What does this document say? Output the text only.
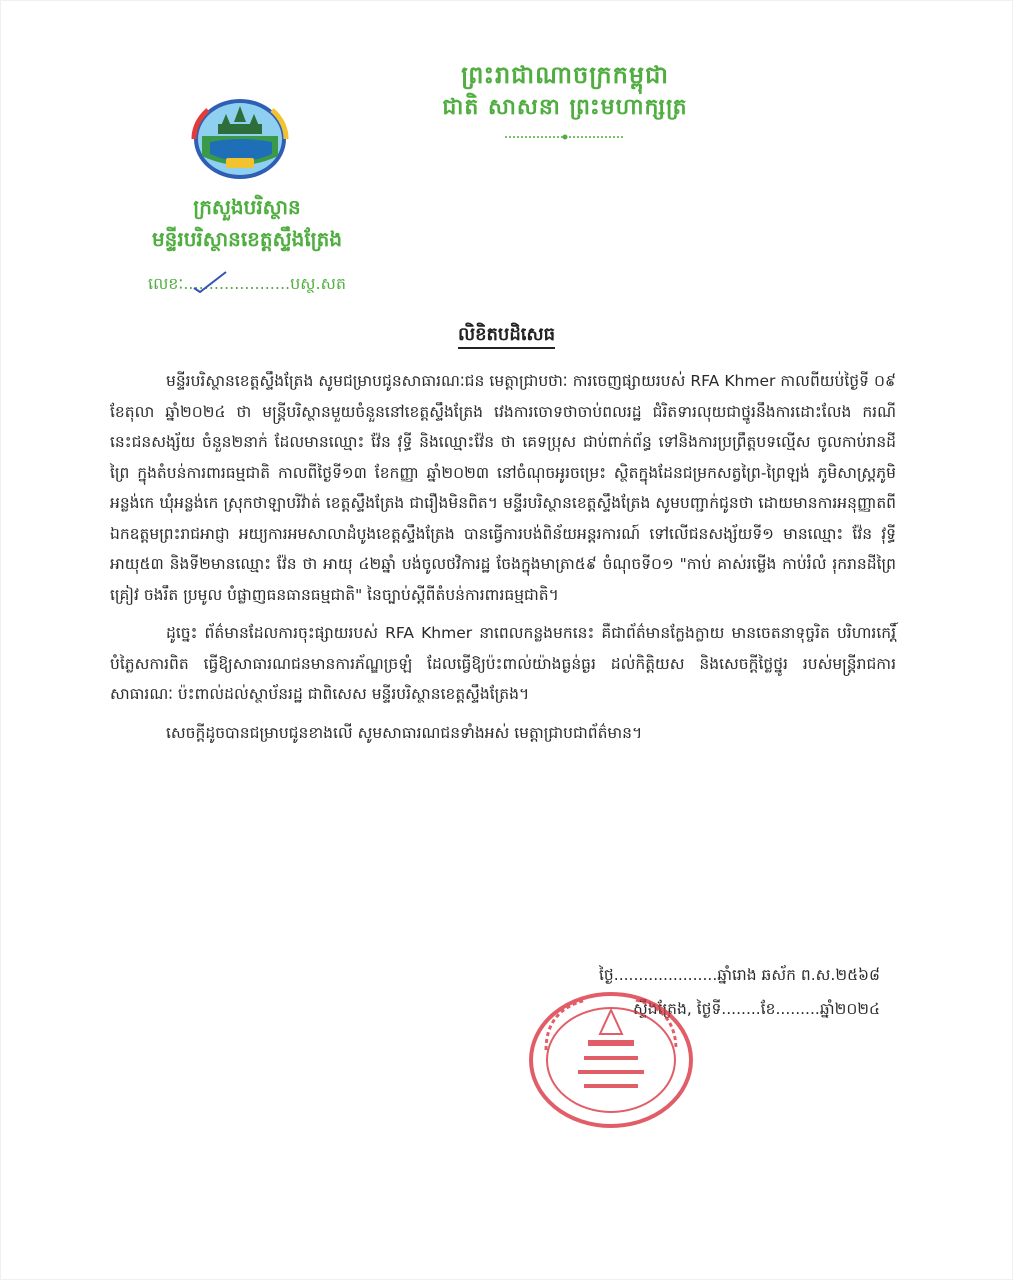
ព្រះរាជាណាចក្រកម្ពុជា
ជាតិ សាសនា ព្រះមហាក្សត្រ
ក្រសួងបរិស្ថាន
មន្ទីរបរិស្ថានខេត្តស្ទឹងត្រែង
លេខៈ.....................បស្ថ.សត
លិខិតបដិសេធ

មន្ទីរបរិស្ថានខេត្តស្ទឹងត្រែង សូមជម្រាបជូនសាធារណៈជន មេត្តាជ្រាបថាៈ ការចេញផ្សាយរបស់ RFA Khmer កាលពីយប់ថ្ងៃទី ០៩ ខែតុលា ឆ្នាំ២០២៤ ថា មន្ត្រីបរិស្ថានមួយចំនួននៅខេត្តស្ទឹងត្រែង វេងការចោទថាចាប់ពលរដ្ឋ ជំរិតទារលុយជាថ្នូរនឹងការដោះលែង ករណីនេះជនសង្ស័យ ចំនួន២នាក់ ដែលមានឈ្មោះ វ៉ែន វុទ្ធី និងឈ្មោះវ៉ែន ថា គេទប្រុស ជាប់ពាក់ព័ន្ធ ទៅនិងការប្រព្រឹត្តបទល្មើស ចូលកាប់រានដីព្រៃ ក្នុងតំបន់ការពារធម្មជាតិ កាលពីថ្ងៃទី១៣ ខែកញ្ញា ឆ្នាំ២០២៣ នៅចំណុចអូរចម្រេះ ស្ថិតក្នុងដែនជម្រកសត្វព្រៃ-ព្រៃឡង់ ភូមិសាស្ត្រភូមិអន្លង់កេ ឃុំអន្លង់កេ ស្រុកថាឡាបរិវ៉ាត់ ខេត្តស្ទឹងត្រែង ជារឿងមិនពិត។ មន្ទីរបរិស្ថានខេត្តស្ទឹងត្រែង សូមបញ្ជាក់ជូនថា ដោយមានការអនុញ្ញាតពី ឯកឧត្តមព្រះរាជអាជ្ញា អយ្យការអមសាលាដំបូងខេត្តស្ទឹងត្រែង បានធ្វើការបង់ពិន័យអន្តរការណ៍ ទៅលើជនសង្ស័យទី១ មានឈ្មោះ វ៉ែន វុទ្ធី អាយុ៥៣ និងទី២មានឈ្មោះ វ៉ែន ថា អាយុ ៤២ឆ្នាំ បង់ចូលថវិការដ្ឋ ចែងក្នុងមាត្រា៥៩ ចំណុចទី០១ "កាប់ គាស់រម្លើង កាប់រំលំ រុករានដីព្រៃ គ្រៀវ ចងរឹត ប្រមូល បំផ្លាញធនធានធម្មជាតិ" នៃច្បាប់ស្តីពីតំបន់ការពារធម្មជាតិ។

ដូច្នេះ ព័ត៌មានដែលការចុះផ្សាយរបស់ RFA Khmer នាពេលកន្លងមកនេះ គឺជាព័ត៌មានក្លែងក្លាយ មានចេតនាទុច្ចរិត បរិហារកេរ្តិ៍ បំភ្លៃសការពិត ធ្វើឱ្យសាធារណជនមានការភ័ណ្ឌច្រឡំ ដែលធ្វើឱ្យប៉ះពាល់យ៉ាងធ្ងន់ធ្ងរ ដល់កិត្តិយស និងសេចក្តីថ្លៃថ្នូរ របស់មន្ត្រីរាជការសាធារណៈ ប៉ះពាល់ដល់ស្ថាប័នរដ្ឋ ជាពិសេស មន្ទីរបរិស្ថានខេត្តស្ទឹងត្រែង។

សេចក្តីដូចបានជម្រាបជូនខាងលើ សូមសាធារណជនទាំងអស់ មេត្តាជ្រាបជាព័ត៌មាន។

ថ្ងៃ.....................ឆ្នាំរោង ឆស័ក ព.ស.២៥៦៨
ស្ទឹងត្រែង, ថ្ងៃទី........ខែ.........ឆ្នាំ២០២៤
